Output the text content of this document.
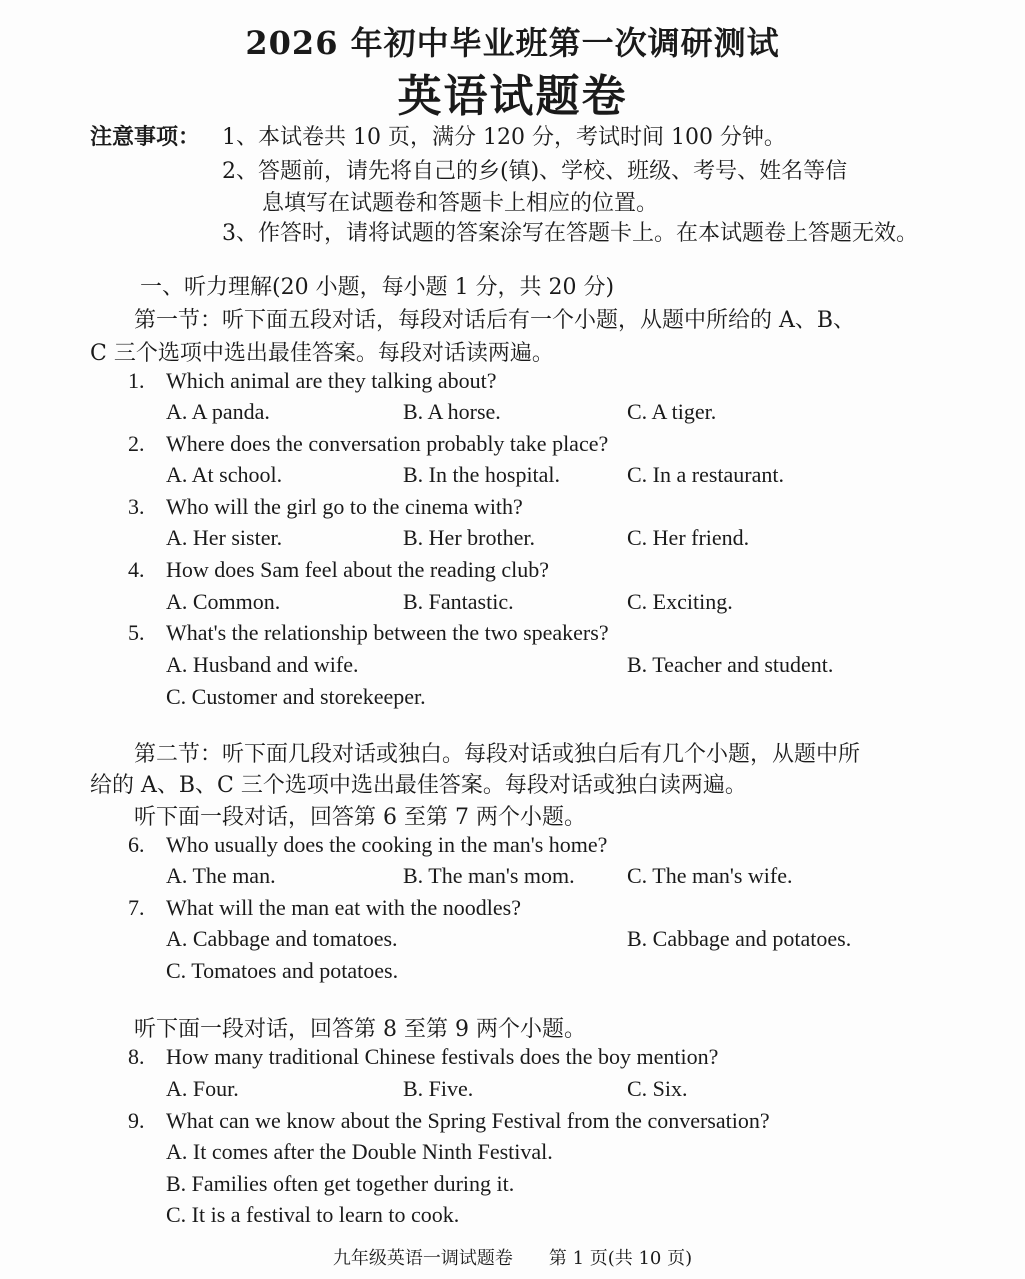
2026 年初中毕业班第一次调研测试
英语试题卷
注意事项： 1、本试卷共 10 页，满分 120 分，考试时间 100 分钟。
2、答题前，请先将自己的乡(镇)、学校、班级、考号、姓名等信
息填写在试题卷和答题卡上相应的位置。
3、作答时，请将试题的答案涂写在答题卡上。在本试题卷上答题无效。
一、听力理解(20 小题，每小题 1 分，共 20 分)
第一节：听下面五段对话，每段对话后有一个小题，从题中所给的 A、B、
C 三个选项中选出最佳答案。每段对话读两遍。
1. Which animal are they talking about?
A. A panda.	B. A horse.	C. A tiger.
2. Where does the conversation probably take place?
A. At school.	B. In the hospital.	C. In a restaurant.
3. Who will the girl go to the cinema with?
A. Her sister.	B. Her brother.	C. Her friend.
4. How does Sam feel about the reading club?
A. Common.	B. Fantastic.	C. Exciting.
5. What's the relationship between the two speakers?
A. Husband and wife.	B. Teacher and student.
C. Customer and storekeeper.
第二节：听下面几段对话或独白。每段对话或独白后有几个小题，从题中所
给的 A、B、C 三个选项中选出最佳答案。每段对话或独白读两遍。
听下面一段对话，回答第 6 至第 7 两个小题。
6. Who usually does the cooking in the man's home?
A. The man.	B. The man's mom. C. The man's wife.
7. What will the man eat with the noodles?
A. Cabbage and tomatoes.	B. Cabbage and potatoes.
C. Tomatoes and potatoes.
听下面一段对话，回答第 8 至第 9 两个小题。
8. How many traditional Chinese festivals does the boy mention?
A. Four.	B. Five.	C. Six.
9. What can we know about the Spring Festival from the conversation?
A. It comes after the Double Ninth Festival.
B. Families often get together during it.
C. It is a festival to learn to cook.
九年级英语一调试题卷　　第 1 页(共 10 页)
